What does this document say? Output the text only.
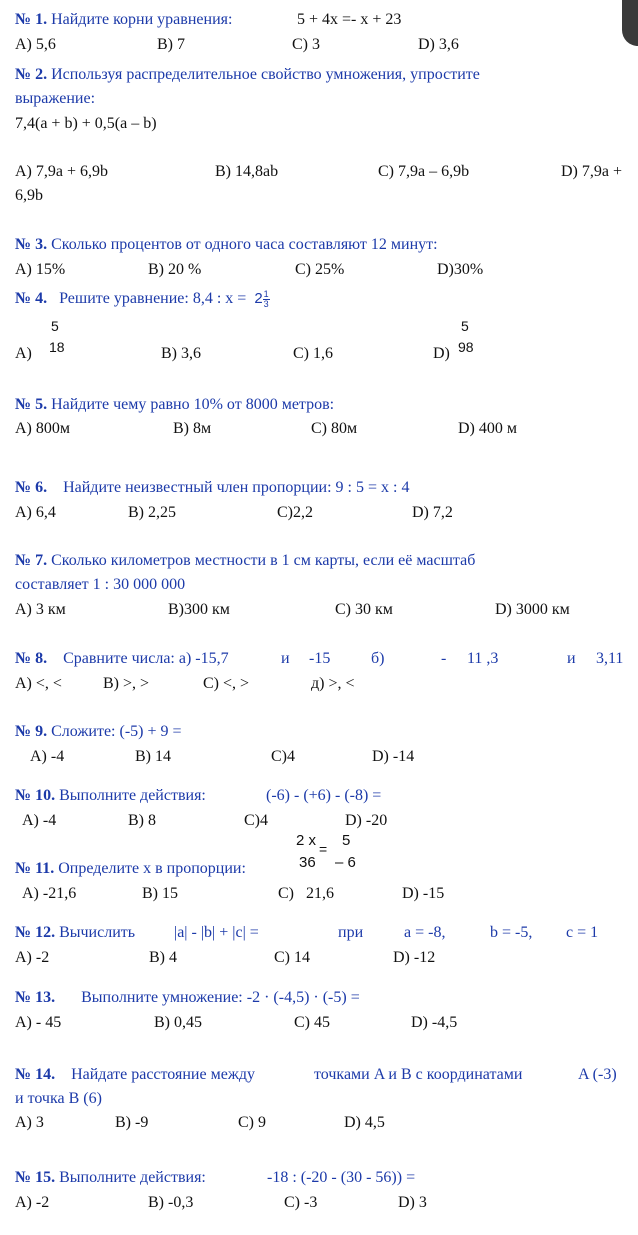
№ 1. Найдите корни уравнения:	5 + 4x =- x + 23
A) 5,6	B) 7	C) 3	D) 3,6
№ 2. Используя распределительное свойство умножения, упростите
выражение:
7,4(a + b) + 0,5(a – b)
A) 7,9a + 6,9b	B) 14,8ab	C) 7,9a – 6,9b	D) 7,9a +
6,9b
№ 3. Сколько процентов от одного часа составляют 12 минут:
A) 15%	B) 20 %	C) 25%	D)30%
№ 4. Решите уравнение: 8,4 : $x = 2 \frac{1}{3}$
A)
5
18	B) 3,6	C) 1,6	D)
5
98
№ 5. Найдите чему равно 10% от 8000 метров:
A) 800м	B) 8м	C) 80м	D) 400 м
№ 6. Найдите неизвестный член пропорции: 9 : 5 = x : 4
A) 6,4	B) 2,25	C)2,2	D) 7,2
№ 7. Сколько километров местности в 1 см карты, если её масштаб
составляет 1 : 30 000 000
A) 3 км	B)300 км	C) 30 км	D) 3000 км
№ 8. Сравните числа: а) -15,7	и -15	б)	- 11 ,3	и 3,11
A) <, <	B) >, >	C) <, >	д) >, <
№ 9. Сложите: (-5) + 9 =
A) -4	B) 14	C)4	D) -14
№ 10. Выполните действия:	(-6) - (+6) - (-8) =
A) -4	B) 8	C)4	D) -20
№ 11. Определите x в пропорции:
2 x
36
= 5
– 6
A) -21,6	B) 15	C)   21,6	D) -15
№ 12. Вычислить |a| - |b| + |c| =	при	a = -8,	b = -5, c = 1
A) -2	B) 4	C) 14	D) -12
№ 13. Выполните умножение: -2 · (-4,5) · (-5) =
A) - 45	B) 0,45	C) 45	D) -4,5
№ 14. Найдате расстояние между	точками A и B с координатами	A (-3)
и точка B (6)
A) 3	B) -9	C) 9	D) 4,5
№ 15. Выполните действия:	-18 : (-20 - (30 - 56)) =
A) -2	B) -0,3	C) -3	D) 3
